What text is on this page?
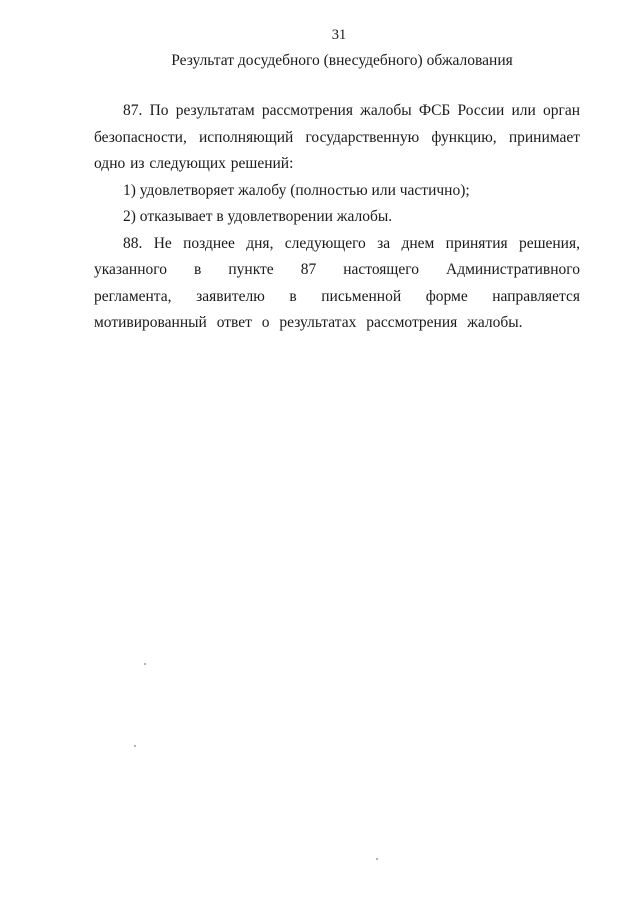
31
Результат досудебного (внесудебного) обжалования

87. По результатам рассмотрения жалобы ФСБ России или орган безопасности, исполняющий государственную функцию, принимает одно из следующих решений:

1) удовлетворяет жалобу (полностью или частично);

2) отказывает в удовлетворении жалобы.

88. Не позднее дня, следующего за днем принятия решения, указанного в пункте 87 настоящего Административного регламента, заявителю в письменной форме направляется мотивированный ответ о результатах рассмотрения жалобы.
